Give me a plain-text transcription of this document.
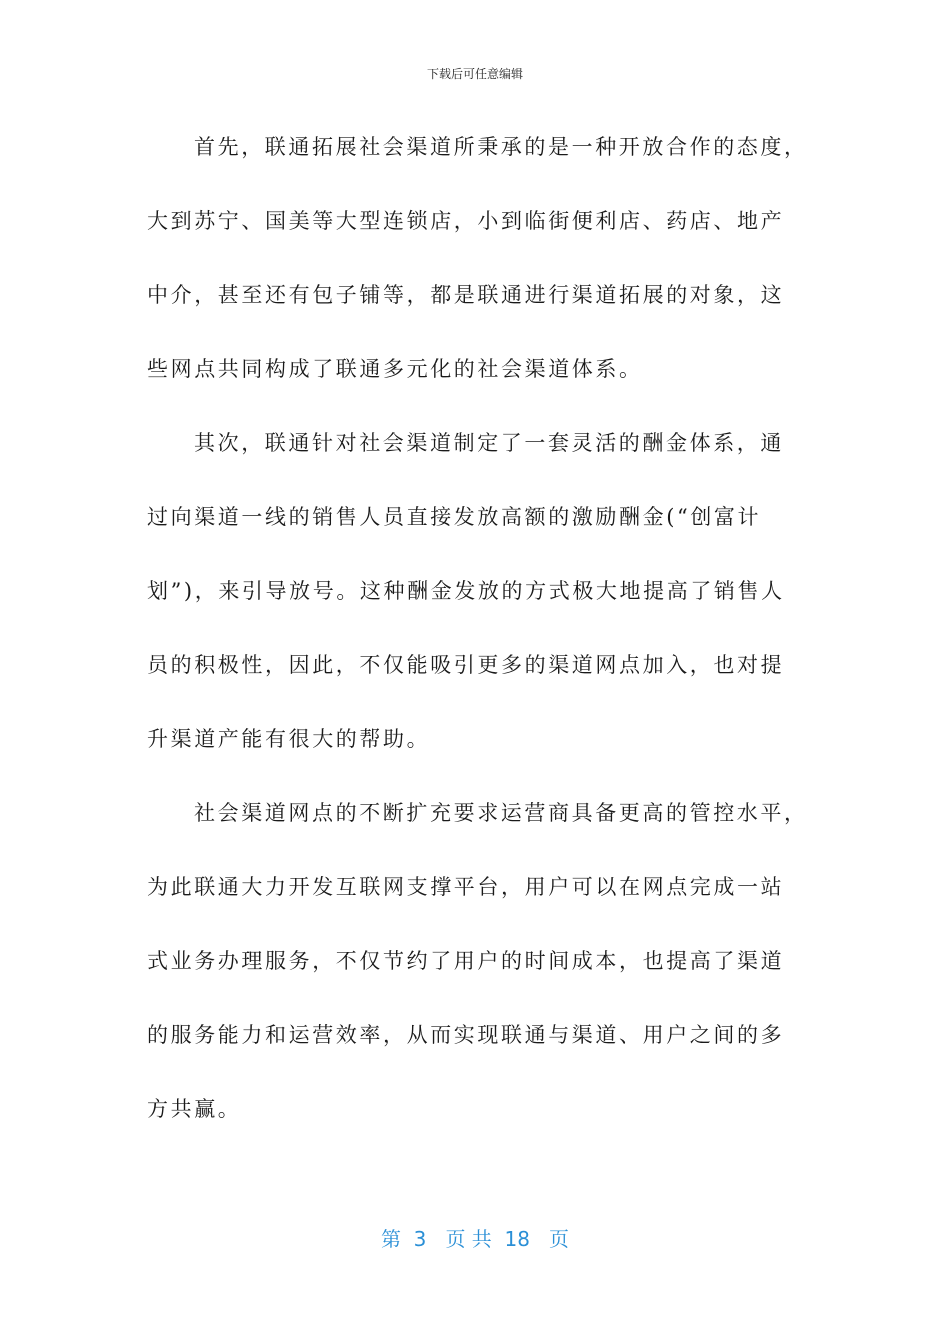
下载后可任意编辑
首先，联通拓展社会渠道所秉承的是一种开放合作的态度，
大到苏宁、国美等大型连锁店，小到临街便利店、药店、地产
中介，甚至还有包子铺等，都是联通进行渠道拓展的对象，这
些网点共同构成了联通多元化的社会渠道体系。
其次，联通针对社会渠道制定了一套灵活的酬金体系，通
过向渠道一线的销售人员直接发放高额的激励酬金(“创富计
划”)，来引导放号。这种酬金发放的方式极大地提高了销售人
员的积极性，因此，不仅能吸引更多的渠道网点加入，也对提
升渠道产能有很大的帮助。
社会渠道网点的不断扩充要求运营商具备更高的管控水平，
为此联通大力开发互联网支撑平台，用户可以在网点完成一站
式业务办理服务，不仅节约了用户的时间成本，也提高了渠道
的服务能力和运营效率，从而实现联通与渠道、用户之间的多
方共赢。
第  3   页 共  18   页
